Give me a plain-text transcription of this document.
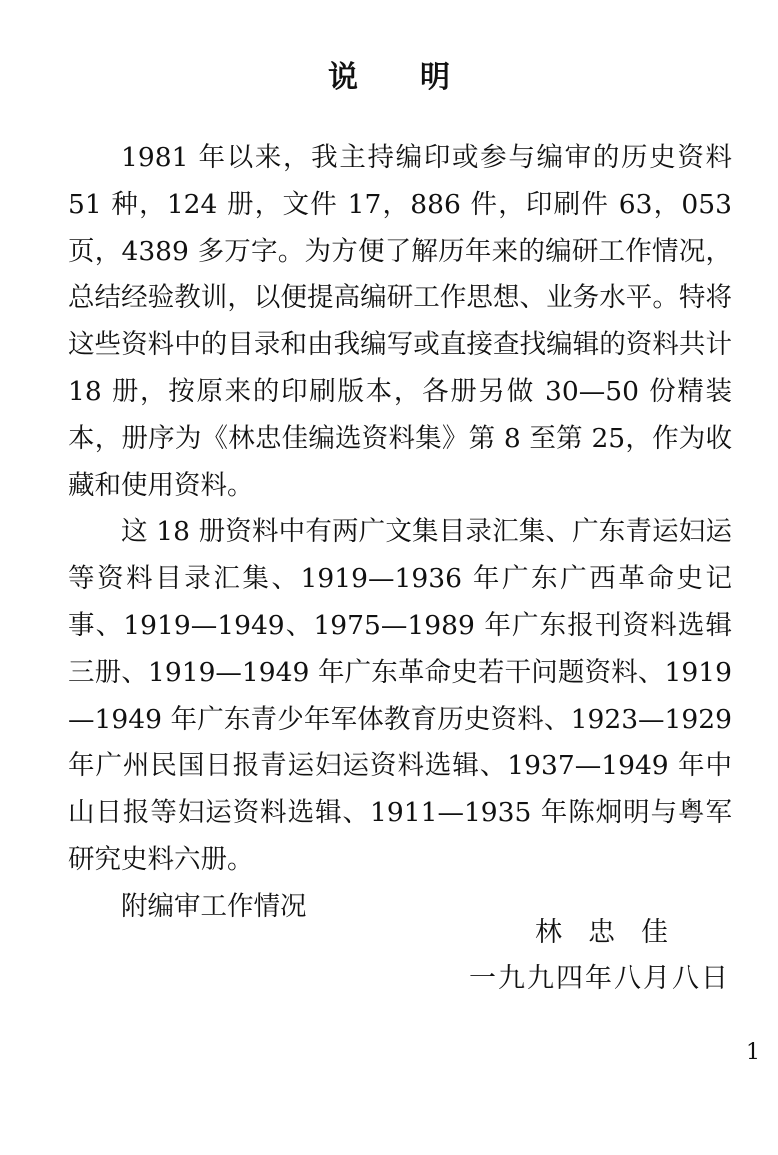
说明

1981 年以来，我主持编印或参与编审的历史资料 51 种，124 册，文件 17，886 件，印刷件 63，053 页，4389 多万字。为方便了解历年来的编研工作情况，总结经验教训，以便提高编研工作思想、业务水平。特将这些资料中的目录和由我编写或直接查找编辑的资料共计 18 册，按原来的印刷版本，各册另做 30—50 份精装本，册序为《林忠佳编选资料集》第 8 至第 25，作为收藏和使用资料。

这 18 册资料中有两广文集目录汇集、广东青运妇运等资料目录汇集、1919—1936 年广东广西革命史记事、1919—1949、1975—1989 年广东报刊资料选辑三册、1919—1949 年广东革命史若干问题资料、1919—1949 年广东青少年军体教育历史资料、1923—1929 年广州民国日报青运妇运资料选辑、1937—1949 年中山日报等妇运资料选辑、1911—1935 年陈炯明与粤军研究史料六册。

附编审工作情况

林忠佳
一九九四年八月八日
1
